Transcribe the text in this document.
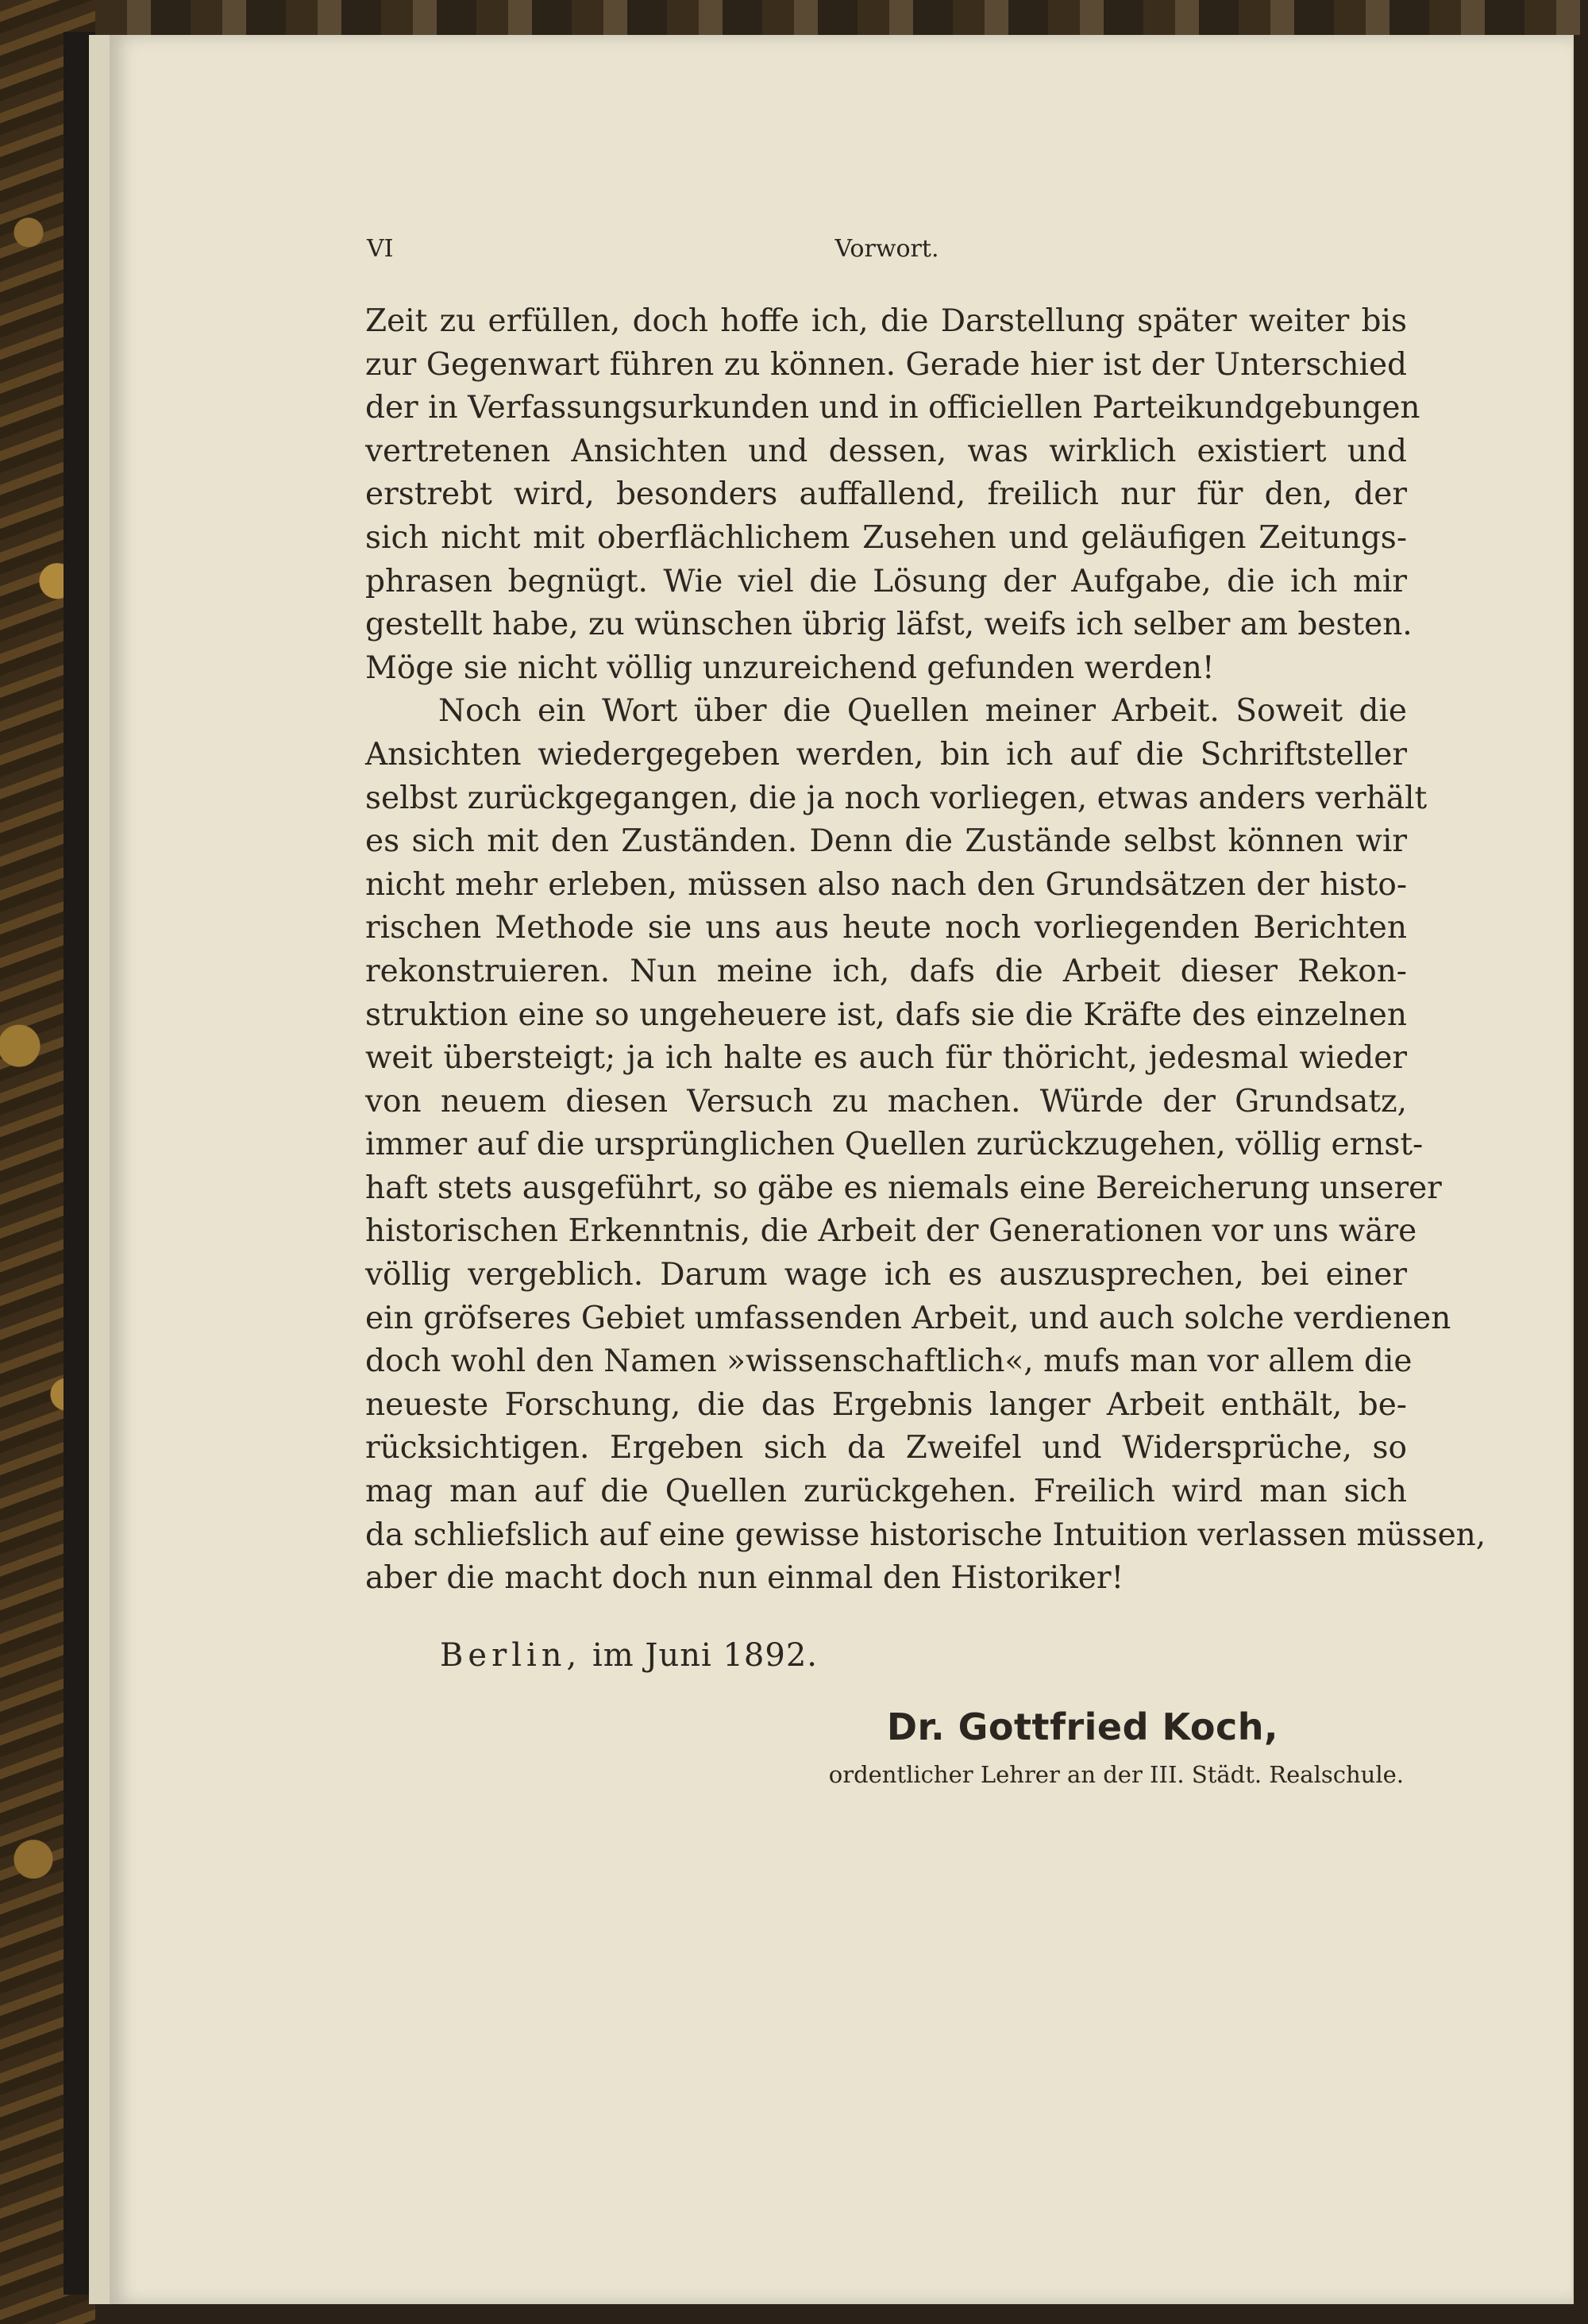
VI	Vorwort.
Zeit zu erfüllen, doch hoffe ich, die Darstellung später weiter bis
zur Gegenwart führen zu können. Gerade hier ist der Unterschied
der in Verfassungsurkunden und in officiellen Parteikundgebungen
vertretenen Ansichten und dessen, was wirklich existiert und
erstrebt wird, besonders auffallend, freilich nur für den, der
sich nicht mit oberflächlichem Zusehen und geläufigen Zeitungs-
phrasen begnügt. Wie viel die Lösung der Aufgabe, die ich mir
gestellt habe, zu wünschen übrig läfst, weifs ich selber am besten.
Möge sie nicht völlig unzureichend gefunden werden!
Noch ein Wort über die Quellen meiner Arbeit. Soweit die
Ansichten wiedergegeben werden, bin ich auf die Schriftsteller
selbst zurückgegangen, die ja noch vorliegen, etwas anders verhält
es sich mit den Zuständen. Denn die Zustände selbst können wir
nicht mehr erleben, müssen also nach den Grundsätzen der histo-
rischen Methode sie uns aus heute noch vorliegenden Berichten
rekonstruieren. Nun meine ich, dafs die Arbeit dieser Rekon-
struktion eine so ungeheuere ist, dafs sie die Kräfte des einzelnen
weit übersteigt; ja ich halte es auch für thöricht, jedesmal wieder
von neuem diesen Versuch zu machen. Würde der Grundsatz,
immer auf die ursprünglichen Quellen zurückzugehen, völlig ernst-
haft stets ausgeführt, so gäbe es niemals eine Bereicherung unserer
historischen Erkenntnis, die Arbeit der Generationen vor uns wäre
völlig vergeblich. Darum wage ich es auszusprechen, bei einer
ein gröfseres Gebiet umfassenden Arbeit, und auch solche verdienen
doch wohl den Namen »wissenschaftlich«, mufs man vor allem die
neueste Forschung, die das Ergebnis langer Arbeit enthält, be-
rücksichtigen. Ergeben sich da Zweifel und Widersprüche, so
mag man auf die Quellen zurückgehen. Freilich wird man sich
da schliefslich auf eine gewisse historische Intuition verlassen müssen,
aber die macht doch nun einmal den Historiker!
Berlin, im Juni 1892.
Dr. Gottfried Koch,
ordentlicher Lehrer an der III. Städt. Realschule.
